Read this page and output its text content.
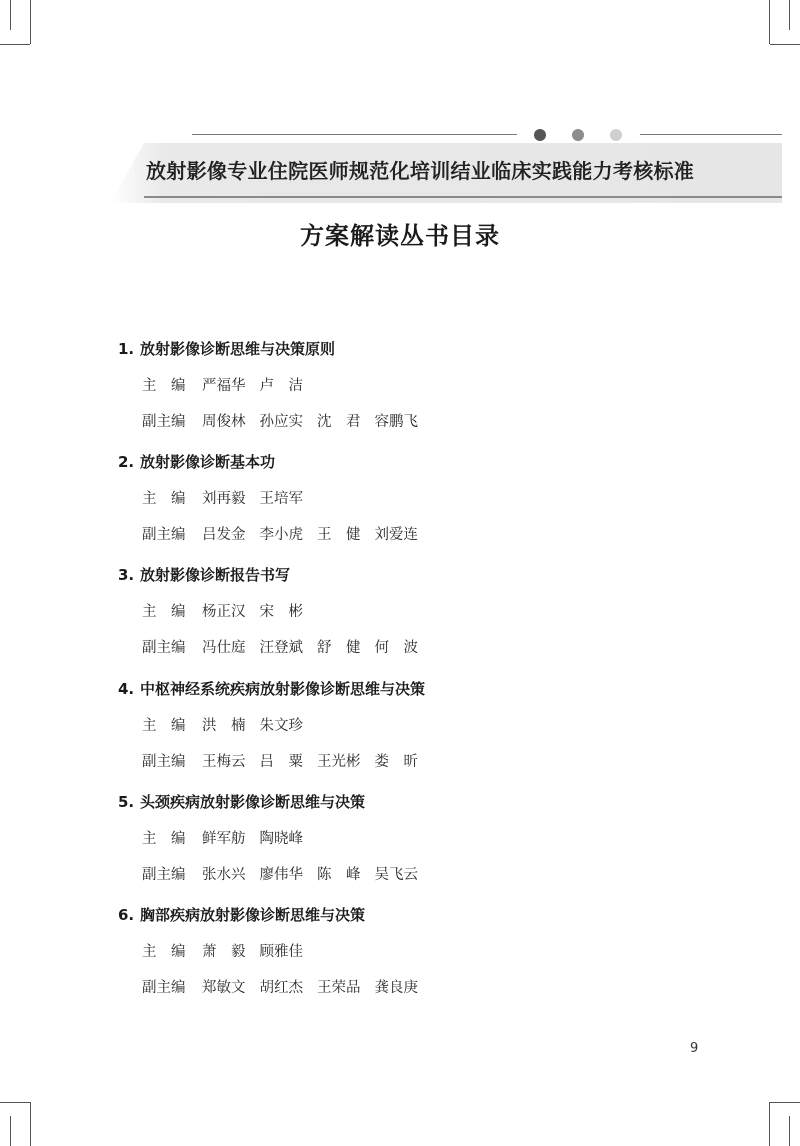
放射影像专业住院医师规范化培训结业临床实践能力考核标准
方案解读丛书目录
1. 放射影像诊断思维与决策原则
主　编 严福华 卢　洁
副主编 周俊林 孙应实 沈　君 容鹏飞
2. 放射影像诊断基本功
主　编 刘再毅 王培军
副主编 吕发金 李小虎 王　健 刘爱连
3. 放射影像诊断报告书写
主　编 杨正汉 宋　彬
副主编 冯仕庭 汪登斌 舒　健 何　波
4. 中枢神经系统疾病放射影像诊断思维与决策
主　编 洪　楠 朱文珍
副主编 王梅云 吕　粟 王光彬 娄　昕
5. 头颈疾病放射影像诊断思维与决策
主　编 鲜军舫 陶晓峰
副主编 张水兴 廖伟华 陈　峰 吴飞云
6. 胸部疾病放射影像诊断思维与决策
主　编 萧　毅 顾雅佳
副主编 郑敏文 胡红杰 王荣品 龚良庚
9
